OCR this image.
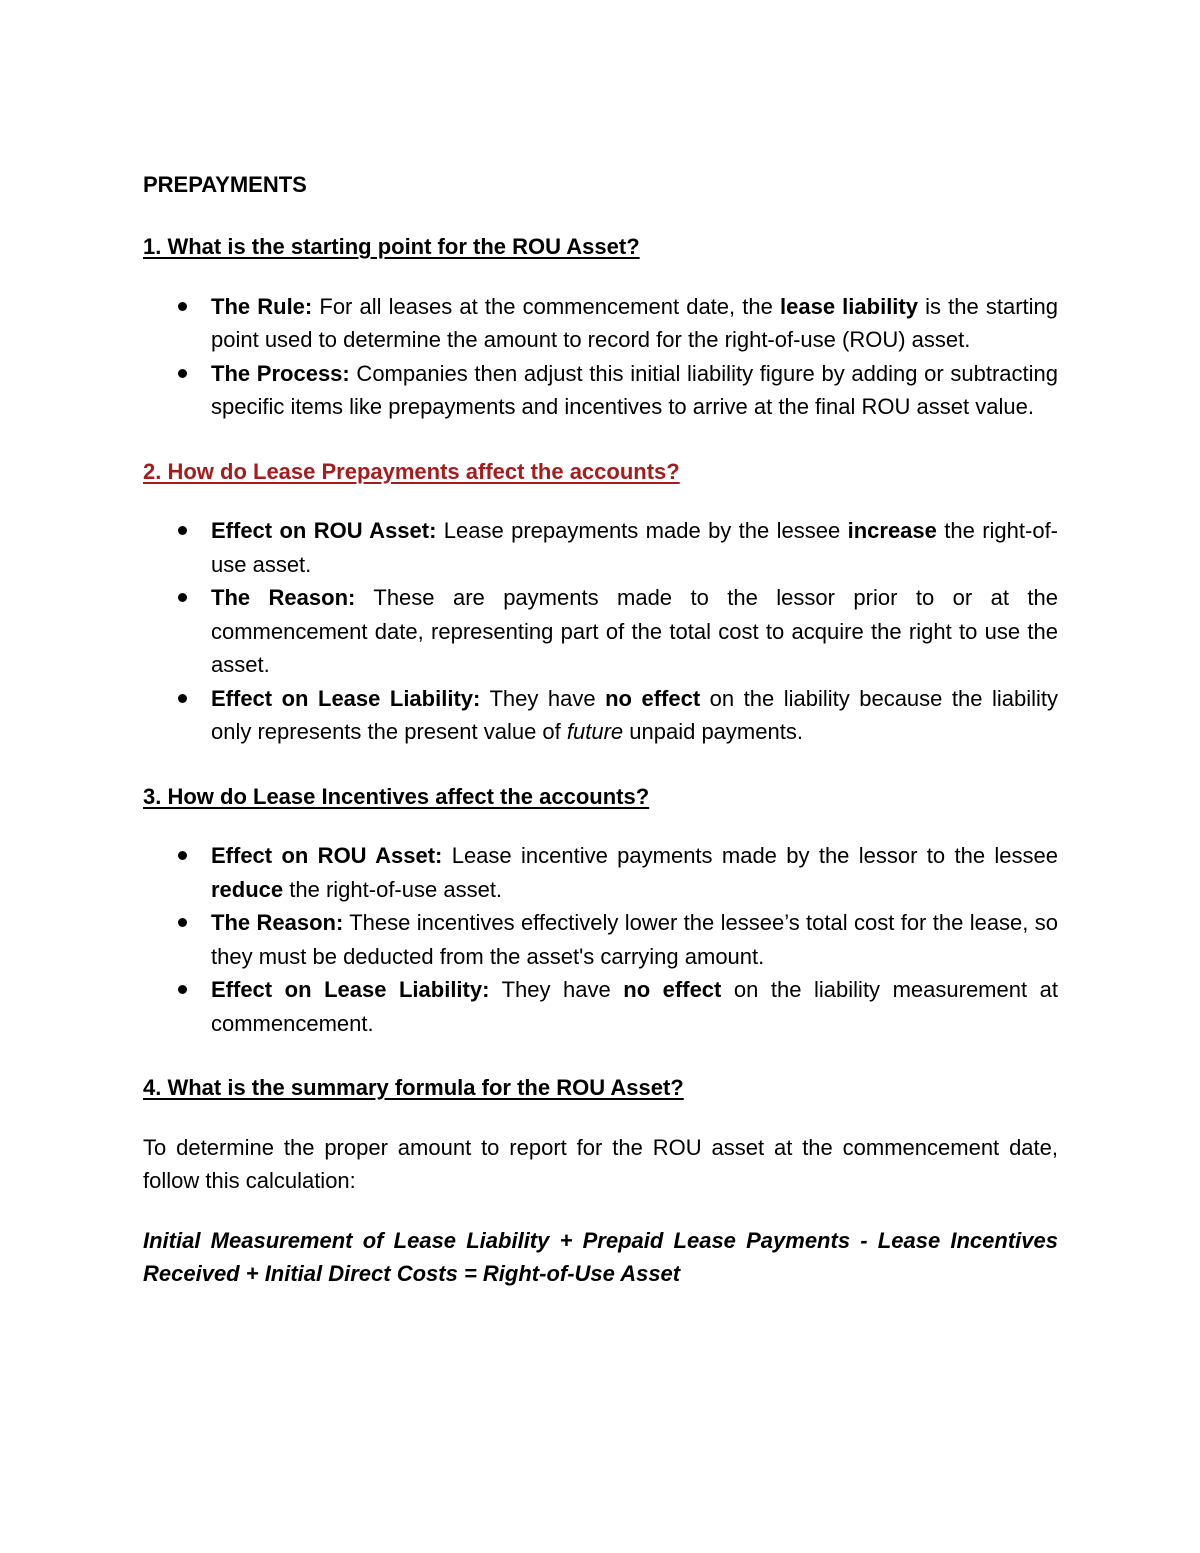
PREPAYMENTS

1. What is the starting point for the ROU Asset?

The Rule: For all leases at the commencement date, the lease liability is the starting point used to determine the amount to record for the right-of-use (ROU) asset.
The Process: Companies then adjust this initial liability figure by adding or subtracting specific items like prepayments and incentives to arrive at the final ROU asset value.

2. How do Lease Prepayments affect the accounts?

Effect on ROU Asset: Lease prepayments made by the lessee increase the right-of-use asset.
The Reason: These are payments made to the lessor prior to or at the commencement date, representing part of the total cost to acquire the right to use the asset.
Effect on Lease Liability: They have no effect on the liability because the liability only represents the present value of future unpaid payments.

3. How do Lease Incentives affect the accounts?

Effect on ROU Asset: Lease incentive payments made by the lessor to the lessee reduce the right-of-use asset.
The Reason: These incentives effectively lower the lessee’s total cost for the lease, so they must be deducted from the asset's carrying amount.
Effect on Lease Liability: They have no effect on the liability measurement at commencement.

4. What is the summary formula for the ROU Asset?

To determine the proper amount to report for the ROU asset at the commencement date, follow this calculation:

Initial Measurement of Lease Liability + Prepaid Lease Payments - Lease Incentives Received + Initial Direct Costs = Right-of-Use Asset
